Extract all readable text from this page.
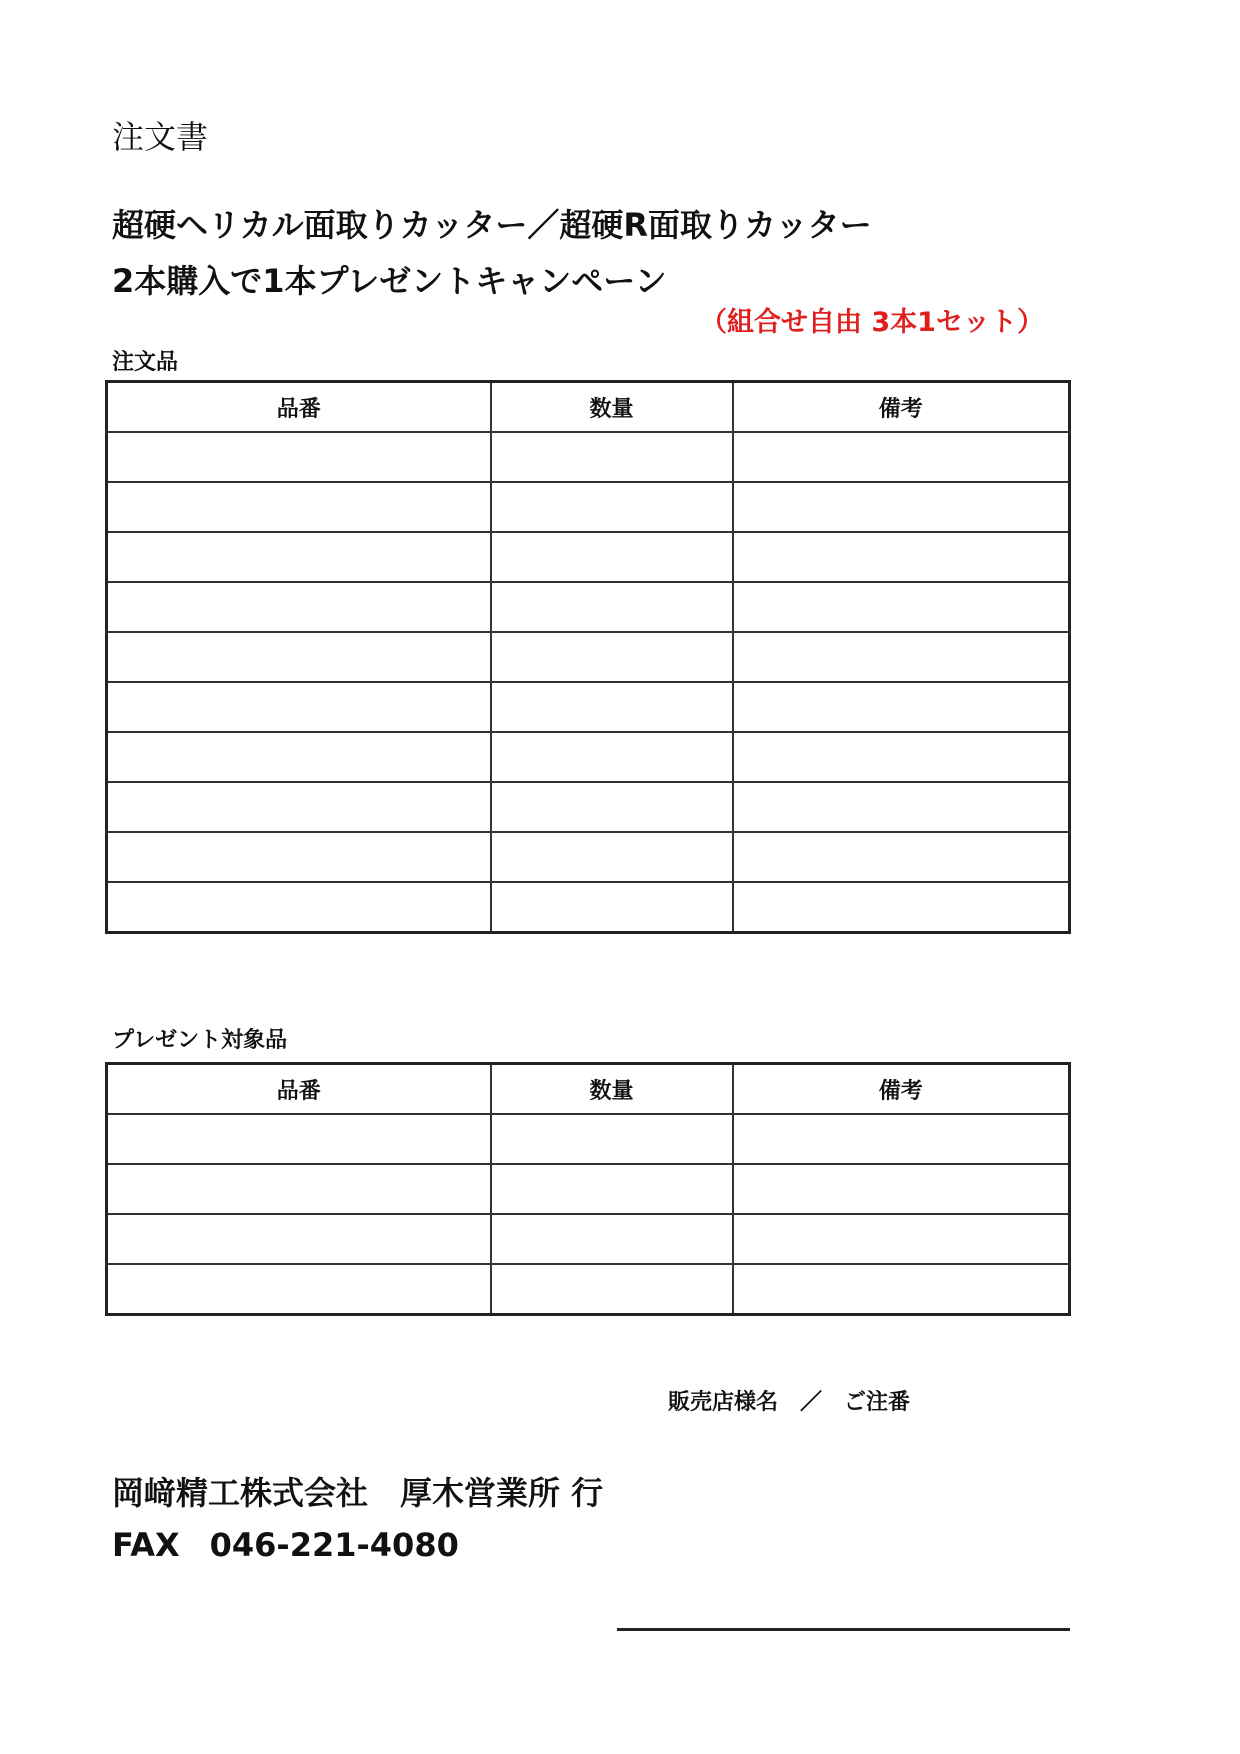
注文書
超硬ヘリカル面取りカッター／超硬R面取りカッター
2本購入で1本プレゼントキャンペーン
（組合せ自由 3本1セット）
注文品
品番	数量	備考

プレゼント対象品
品番	数量	備考

販売店様名　／　ご注番
岡﨑精工株式会社　厚木営業所 行
FAX 046-221-4080
